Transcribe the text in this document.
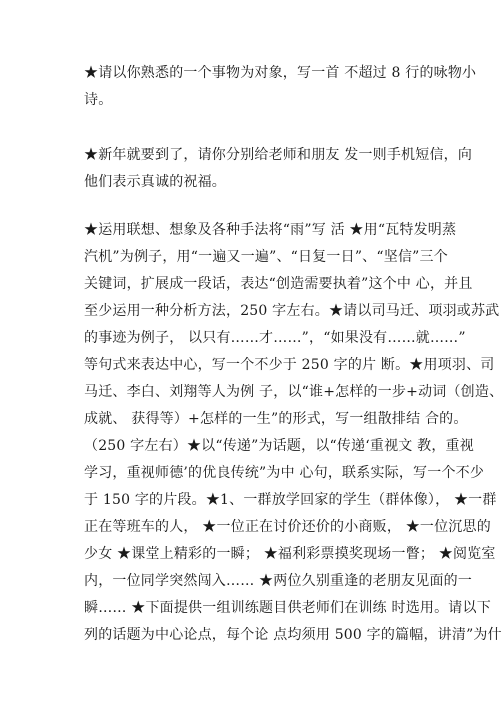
★请以你熟悉的一个事物为对象，写一首 不超过 8 行的咏物小
诗。
★新年就要到了，请你分别给老师和朋友 发一则手机短信，向
他们表示真诚的祝福。
★运用联想、想象及各种手法将“雨”写 活 ★用“瓦特发明蒸
汽机”为例子，用“一遍又一遍”、“日复一日”、“坚信”三个
关键词，扩展成一段话，表达“创造需要执着”这个中 心，并且
至少运用一种分析方法，250 字左右。★请以司马迁、项羽或苏武
的事迹为例子， 以只有……才……”，“如果没有……就……”
等句式来表达中心，写一个不少于 250 字的片 断。★用项羽、司
马迁、李白、刘翔等人为例 子，以“谁+怎样的一步+动词（创造、
成就、 获得等）+怎样的一生”的形式，写一组散排结 合的。
（250 字左右）★以“传递”为话题，以“传递‘重视文 教，重视
学习，重视师德’的优良传统”为中 心句，联系实际，写一个不少
于 150 字的片段。★1、一群放学回家的学生（群体像）， ★一群
正在等班车的人， ★一位正在讨价还价的小商贩， ★一位沉思的
少女 ★课堂上精彩的一瞬； ★福利彩票摸奖现场一瞥； ★阅览室
内，一位同学突然闯入…… ★两位久别重逢的老朋友见面的一
瞬…… ★下面提供一组训练题目供老师们在训练 时选用。请以下
列的话题为中心论点，每个论 点均须用 500 字的篇幅，讲清”为什
